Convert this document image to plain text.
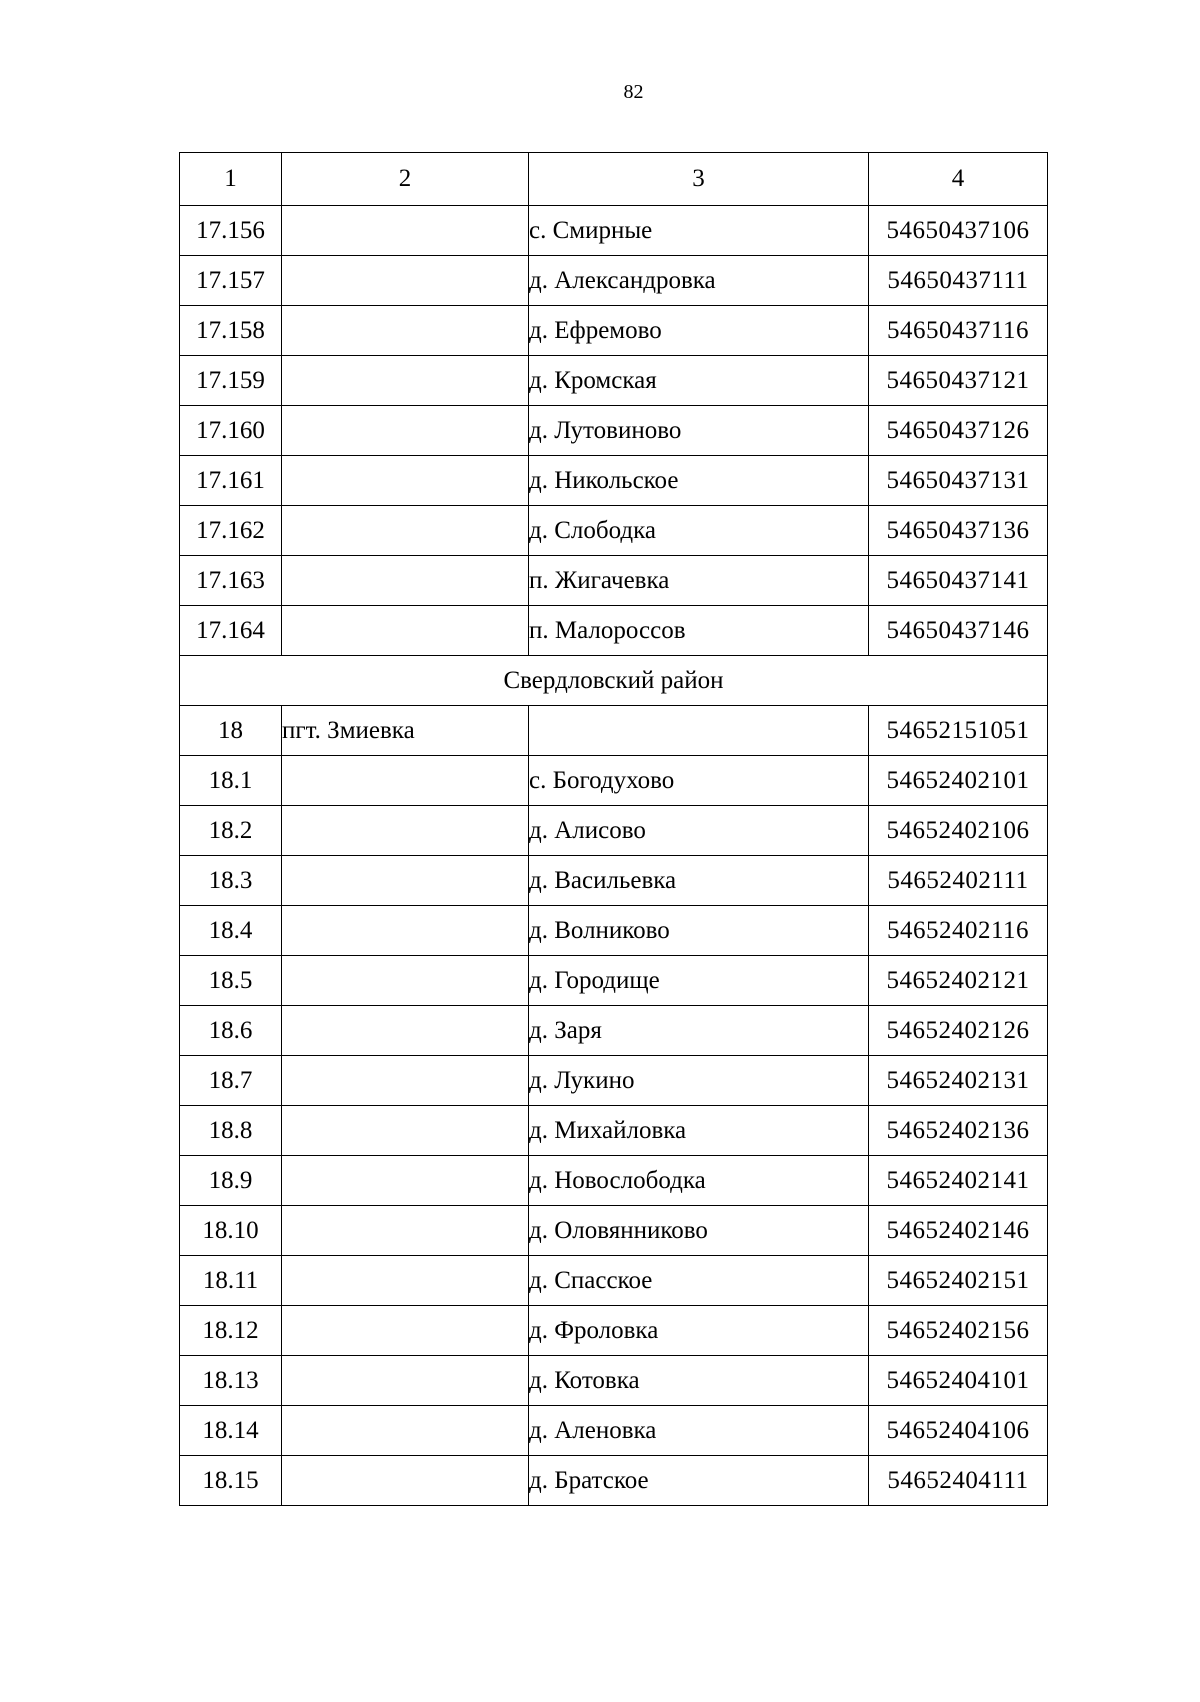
82
1	2	3	4
17.156		с. Смирные	54650437106
17.157		д. Александровка	54650437111
17.158		д. Ефремово	54650437116
17.159		д. Кромская	54650437121
17.160		д. Лутовиново	54650437126
17.161		д. Никольское	54650437131
17.162		д. Слободка	54650437136
17.163		п. Жигачевка	54650437141
17.164		п. Малороссов	54650437146
Свердловский район			
18	пгт. Змиевка		54652151051
18.1		с. Богодухово	54652402101
18.2		д. Алисово	54652402106
18.3		д. Васильевка	54652402111
18.4		д. Волниково	54652402116
18.5		д. Городище	54652402121
18.6		д. Заря	54652402126
18.7		д. Лукино	54652402131
18.8		д. Михайловка	54652402136
18.9		д. Новослободка	54652402141
18.10		д. Оловянниково	54652402146
18.11		д. Спасское	54652402151
18.12		д. Фроловка	54652402156
18.13		д. Котовка	54652404101
18.14		д. Аленовка	54652404106
18.15		д. Братское	54652404111
